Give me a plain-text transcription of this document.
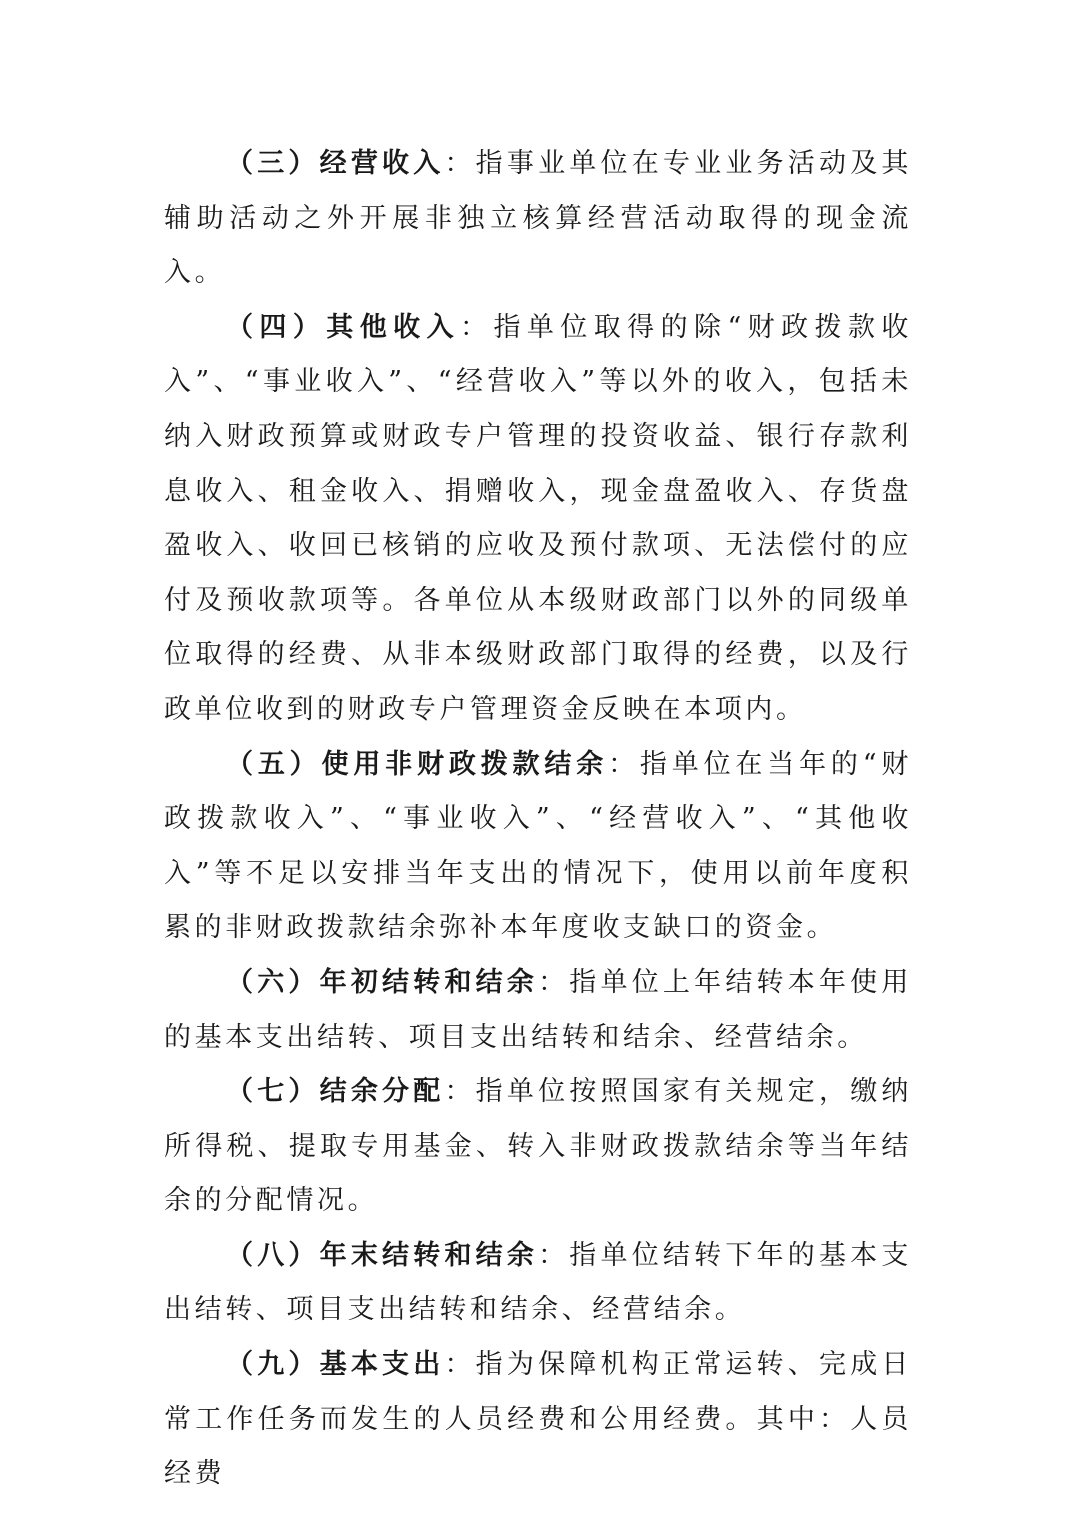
（三）经营收入：指事业单位在专业业务活动及其辅助活动之外开展非独立核算经营活动取得的现金流入。

（四）其他收入：指单位取得的除“财政拨款收入”、“事业收入”、“经营收入”等以外的收入，包括未纳入财政预算或财政专户管理的投资收益、银行存款利息收入、租金收入、捐赠收入，现金盘盈收入、存货盘盈收入、收回已核销的应收及预付款项、无法偿付的应付及预收款项等。各单位从本级财政部门以外的同级单位取得的经费、从非本级财政部门取得的经费，以及行政单位收到的财政专户管理资金反映在本项内。

（五）使用非财政拨款结余：指单位在当年的“财政拨款收入”、“事业收入”、“经营收入”、“其他收入”等不足以安排当年支出的情况下，使用以前年度积累的非财政拨款结余弥补本年度收支缺口的资金。

（六）年初结转和结余：指单位上年结转本年使用的基本支出结转、项目支出结转和结余、经营结余。

（七）结余分配：指单位按照国家有关规定，缴纳所得税、提取专用基金、转入非财政拨款结余等当年结余的分配情况。

（八）年末结转和结余：指单位结转下年的基本支出结转、项目支出结转和结余、经营结余。

（九）基本支出：指为保障机构正常运转、完成日常工作任务而发生的人员经费和公用经费。其中：人员经费
